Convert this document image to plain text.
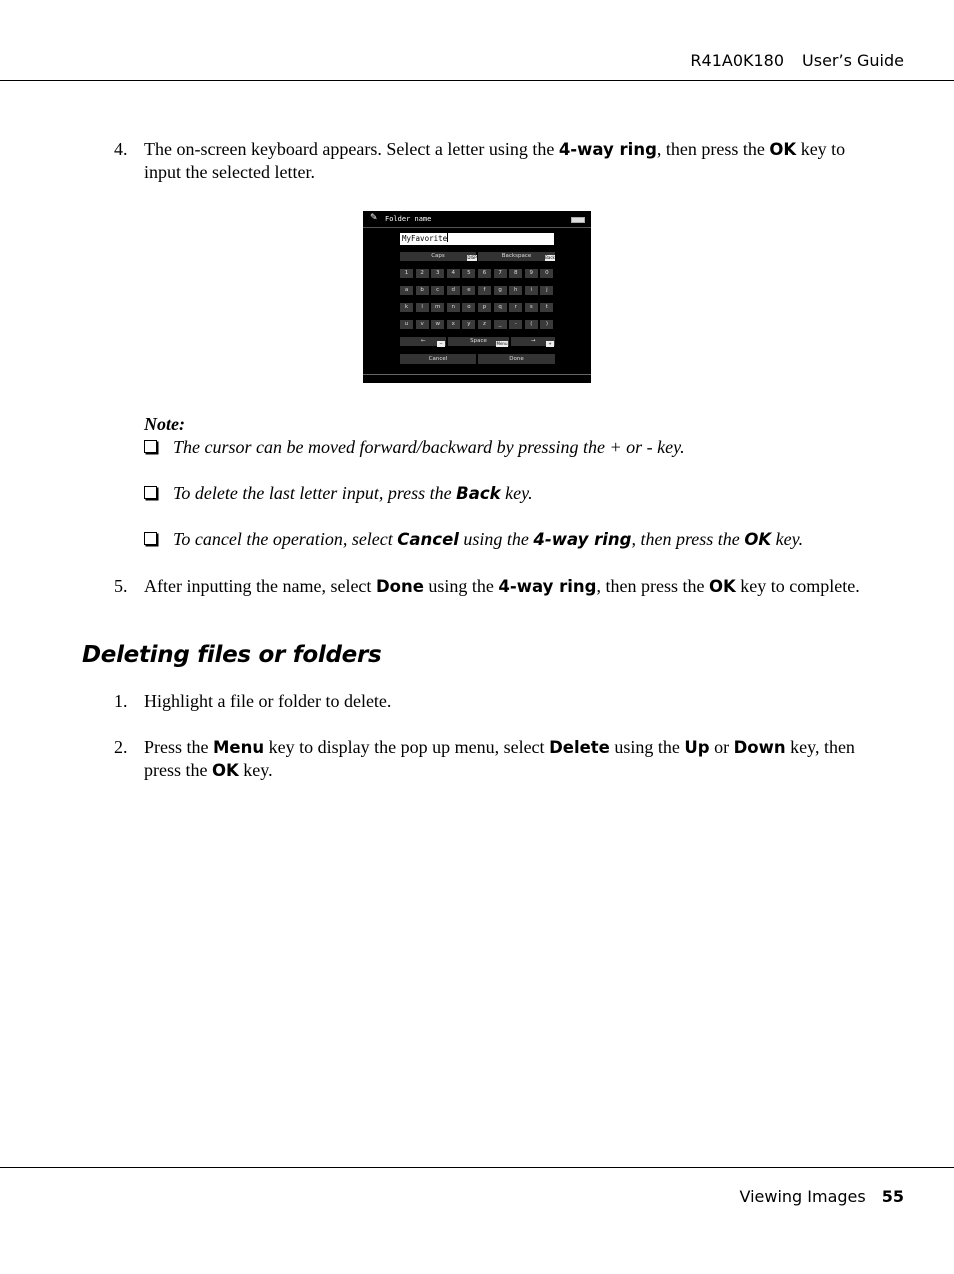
R41A0K180 User’s Guide
4. The on-screen keyboard appears. Select a letter using the 4-way ring, then press the OK key to input the selected letter.
✎ Folder name
MyFavorite
Caps	DISP	Backspace	Back
1	2	3	4	5	6	7	8	9	0
a	b	c	d	e	f	g	h	i	j
k	l	m	n	o	p	q	r	s	t
u	v	w	x	y	z	_	-	(	)
←	−	Space	Menu	→	+
Cancel	Done
Note:
The cursor can be moved forward/backward by pressing the + or - key.
To delete the last letter input, press the Back key.
To cancel the operation, select Cancel using the 4-way ring, then press the OK key.
5. After inputting the name, select Done using the 4-way ring, then press the OK key to complete.
Deleting files or folders
1. Highlight a file or folder to delete.
2. Press the Menu key to display the pop up menu, select Delete using the Up or Down key, then press the OK key.
Viewing Images 55
